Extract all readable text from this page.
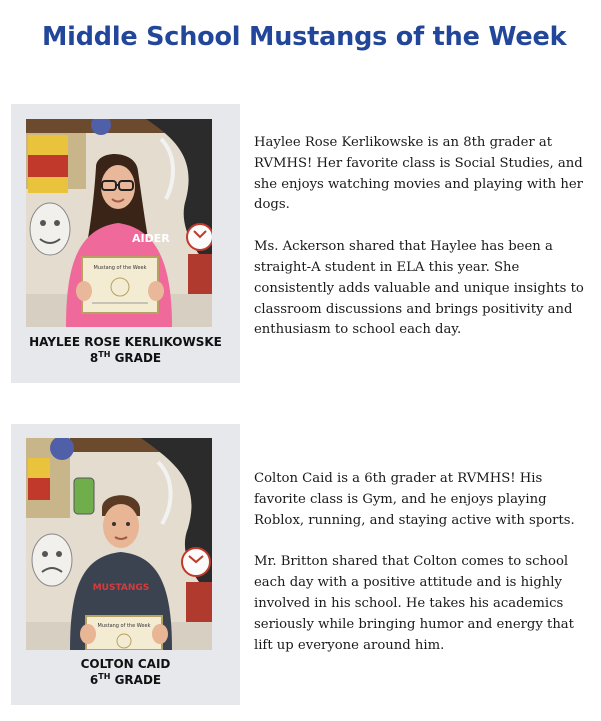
Middle School Mustangs of the Week
AIDER
Mustang of the Week
HAYLEE ROSE KERLIKOWSKE
8TH GRADE

Haylee Rose Kerlikowske is an 8th grader at RVMHS! Her favorite class is Social Studies, and she enjoys watching movies and playing with her dogs.

Ms. Ackerson shared that Haylee has been a straight-A student in ELA this year. She consistently adds valuable and unique insights to classroom discussions and brings positivity and enthusiasm to school each day.

MUSTANGS
Mustang of the Week
COLTON CAID
6TH GRADE

Colton Caid is a 6th grader at RVMHS! His favorite class is Gym, and he enjoys playing Roblox, running, and staying active with sports.

Mr. Britton shared that Colton comes to school each day with a positive attitude and is highly involved in his school. He takes his academics seriously while bringing humor and energy that lift up everyone around him.
